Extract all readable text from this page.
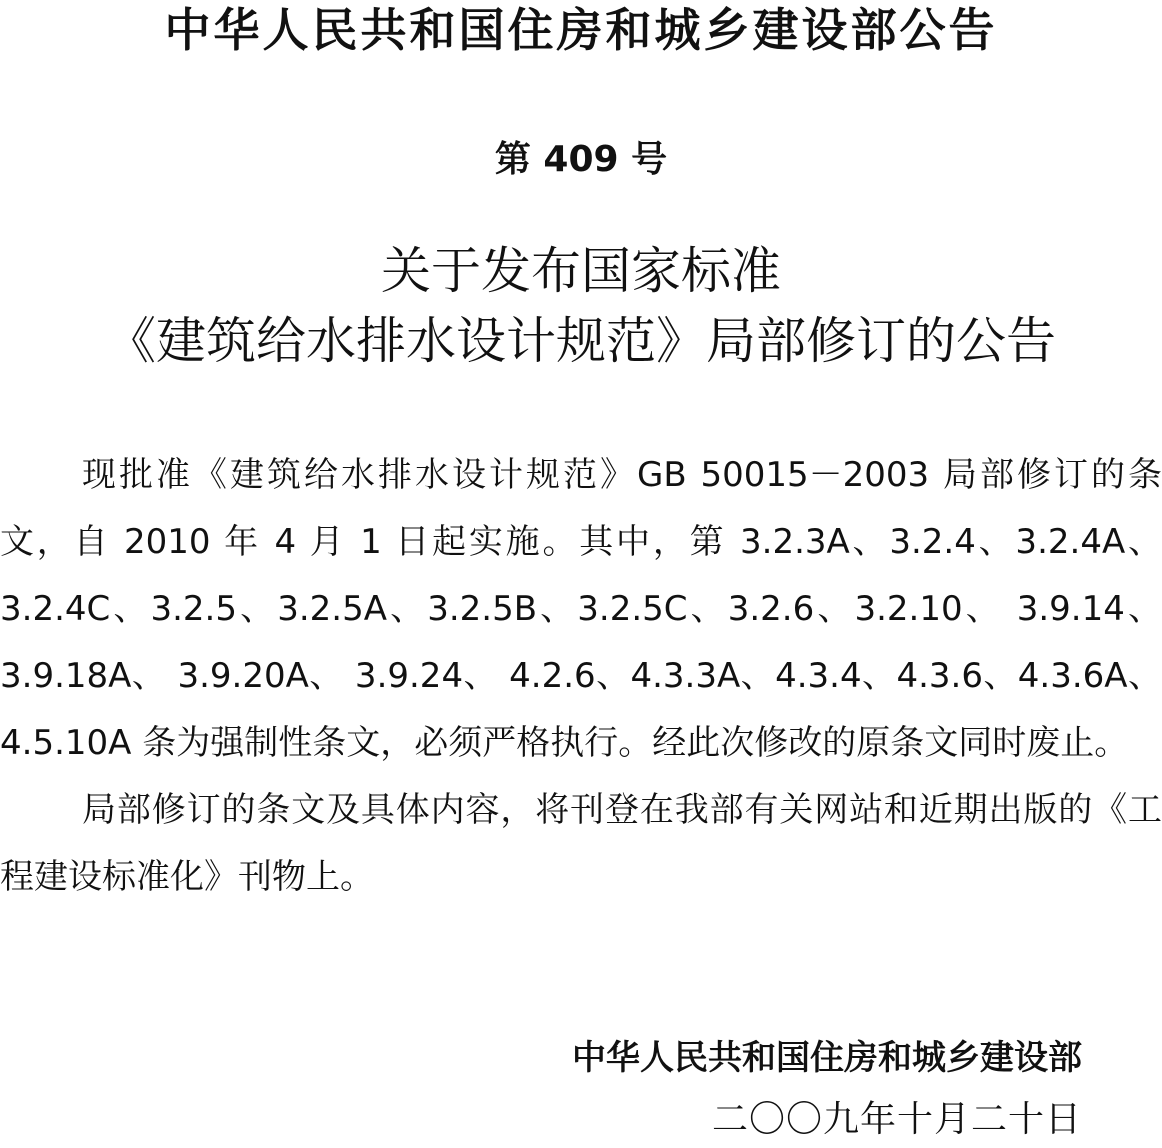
中华人民共和国住房和城乡建设部公告
第 409 号
关于发布国家标准
《建筑给水排水设计规范》局部修订的公告

现批准《建筑给水排水设计规范》GB 50015－2003 局部修订的条文，自 2010 年 4 月 1 日起实施。其中，第 3.2.3A、3.2.4、3.2.4A、3.2.4C、3.2.5、3.2.5A、3.2.5B、3.2.5C、3.2.6、3.2.10、 3.9.14、 3.9.18A、 3.9.20A、 3.9.24、 4.2.6、4.3.3A、4.3.4、4.3.6、4.3.6A、4.5.10A 条为强制性条文，必须严格执行。经此次修改的原条文同时废止。

局部修订的条文及具体内容，将刊登在我部有关网站和近期出版的《工程建设标准化》刊物上。

中华人民共和国住房和城乡建设部
二〇〇九年十月二十日
